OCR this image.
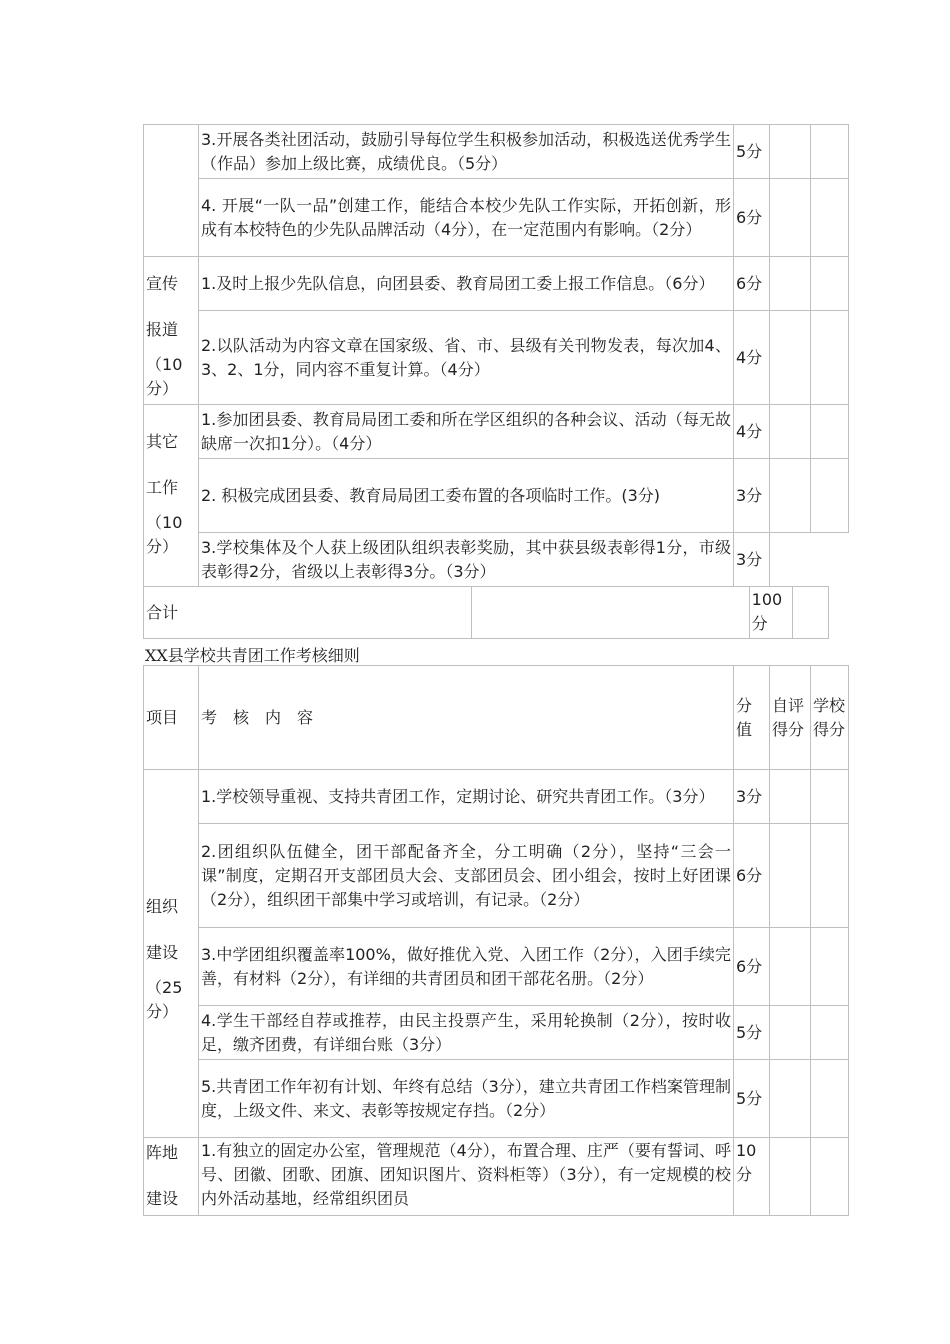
	3.开展各类社团活动，鼓励引导每位学生积极参加活动，积极选送优秀学生（作品）参加上级比赛，成绩优良。（5分）	5分		
	4. 开展“一队一品”创建工作，能结合本校少先队工作实际，开拓创新，形成有本校特色的少先队品牌活动（4分），在一定范围内有影响。（2分）	6分		

宣传
报道
（10
分）	1.及时上报少先队信息，向团县委、教育局团工委上报工作信息。（6分）	6分		
	2.以队活动为内容文章在国家级、省、市、县级有关刊物发表，每次加4、3、2、1分，同内容不重复计算。（4分）	4分		

其它
工作
（10
分）	1.参加团县委、教育局局团工委和所在学区组织的各种会议、活动（每无故缺席一次扣1分）。（4分）	4分		
	2. 积极完成团县委、教育局局团工委布置的各项临时工作。(3分)	3分		
	3.学校集体及个人获上级团队组织表彰奖励，其中获县级表彰得1分，市级表彰得2分，省级以上表彰得3分。（3分）	3分		
合计		100分	
XX县学校共青团工作考核细则
项目	考　核　内　容	分值	自评得分	学校得分

组织
建设
（25
分）	1.学校领导重视、支持共青团工作，定期讨论、研究共青团工作。（3分）	3分		
	2.团组织队伍健全，团干部配备齐全，分工明确（2分），坚持“三会一课”制度，定期召开支部团员大会、支部团员会、团小组会，按时上好团课（2分），组织团干部集中学习或培训，有记录。（2分）	6分		
	3.中学团组织覆盖率100%，做好推优入党、入团工作（2分），入团手续完善，有材料（2分），有详细的共青团员和团干部花名册。（2分）	6分		
	4.学生干部经自荐或推荐，由民主投票产生，采用轮换制（2分），按时收足，缴齐团费，有详细台账（3分）	5分		
	5.共青团工作年初有计划、年终有总结（3分），建立共青团工作档案管理制度，上级文件、来文、表彰等按规定存挡。（2分）	5分		

阵地
建设	1.有独立的固定办公室，管理规范（4分），布置合理、庄严（要有誓词、呼号、团徽、团歌、团旗、团知识图片、资料柜等）（3分），有一定规模的校内外活动基地，经常组织团员	10分		
